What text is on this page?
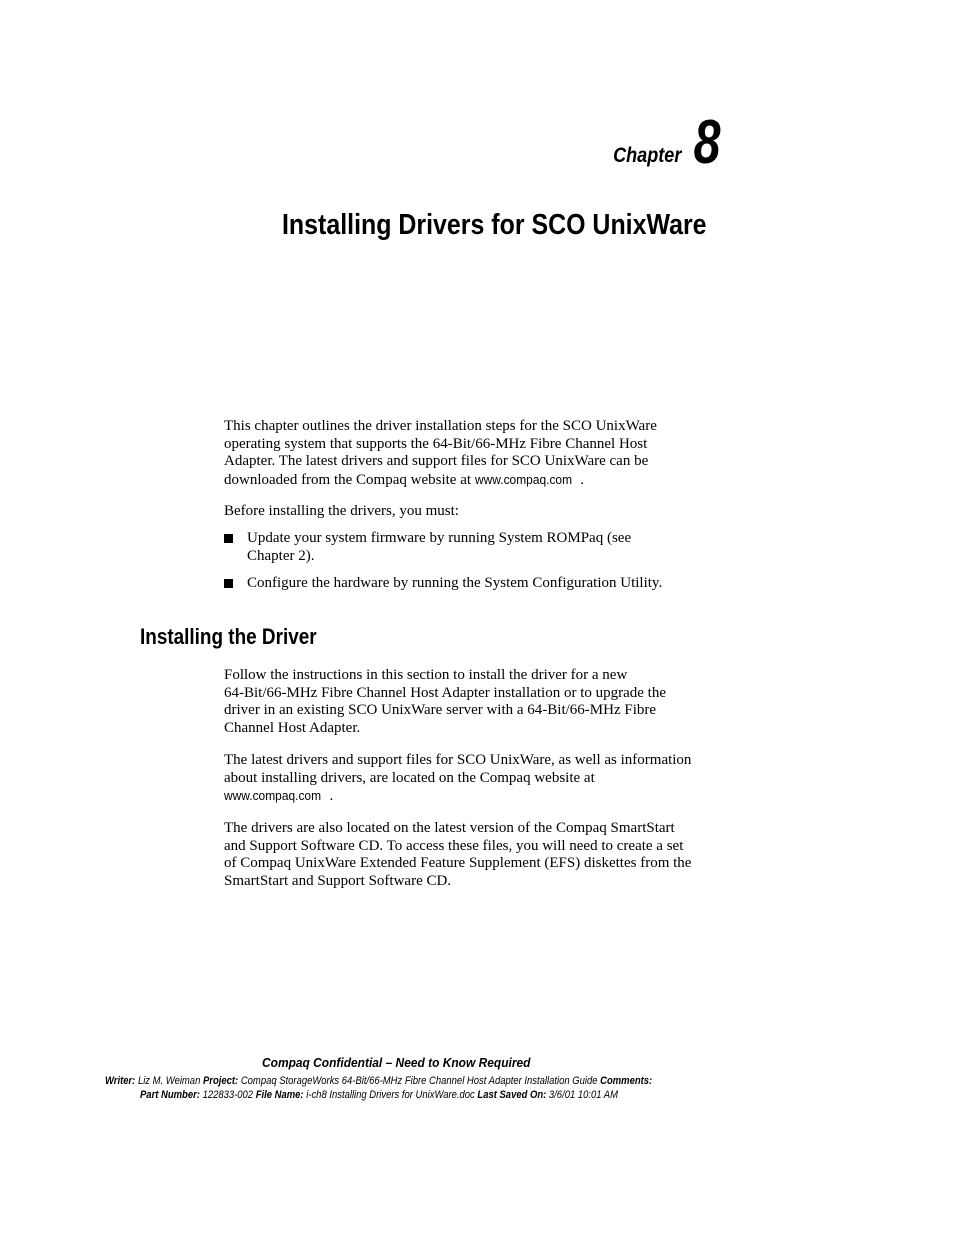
Chapter 8
Installing Drivers for SCO UnixWare

This chapter outlines the driver installation steps for the SCO UnixWare
operating system that supports the 64-Bit/66-MHz Fibre Channel Host
Adapter. The latest drivers and support files for SCO UnixWare can be
downloaded from the Compaq website at www.compaq.com .

Before installing the drivers, you must:

Update your system firmware by running System ROMPaq (see
Chapter 2).
Configure the hardware by running the System Configuration Utility.
Installing the Driver

Follow the instructions in this section to install the driver for a new
64-Bit/66-MHz Fibre Channel Host Adapter installation or to upgrade the
driver in an existing SCO UnixWare server with a 64-Bit/66-MHz Fibre
Channel Host Adapter.

The latest drivers and support files for SCO UnixWare, as well as information
about installing drivers, are located on the Compaq website at
www.compaq.com .

The drivers are also located on the latest version of the Compaq SmartStart
and Support Software CD. To access these files, you will need to create a set
of Compaq UnixWare Extended Feature Supplement (EFS) diskettes from the
SmartStart and Support Software CD.

Compaq Confidential – Need to Know Required
Writer: Liz M. Weiman Project: Compaq StorageWorks 64-Bit/66-MHz Fibre Channel Host Adapter Installation Guide Comments:
Part Number: 122833-002 File Name: i-ch8 Installing Drivers for UnixWare.doc Last Saved On: 3/6/01 10:01 AM
